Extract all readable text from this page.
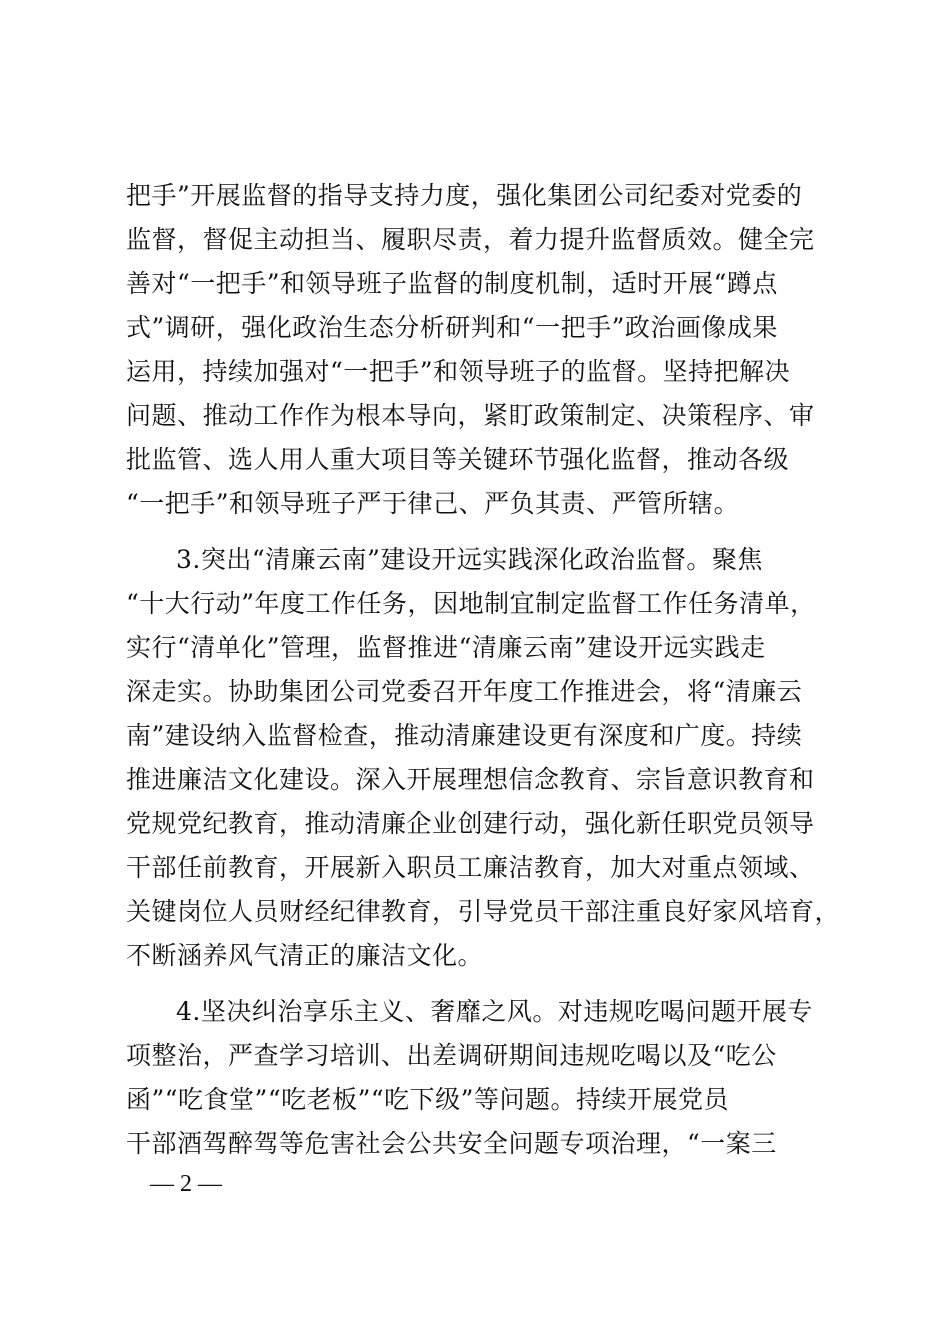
把手”开展监督的指导支持力度，强化集团公司纪委对党委的
监督，督促主动担当、履职尽责，着力提升监督质效。健全完
善对“一把手”和领导班子监督的制度机制，适时开展“蹲点
式”调研，强化政治生态分析研判和“一把手”政治画像成果
运用，持续加强对“一把手”和领导班子的监督。坚持把解决
问题、推动工作作为根本导向，紧盯政策制定、决策程序、审
批监管、选人用人重大项目等关键环节强化监督，推动各级
“一把手”和领导班子严于律己、严负其责、严管所辖。
3.突出“清廉云南”建设开远实践深化政治监督。聚焦
“十大行动”年度工作任务，因地制宜制定监督工作任务清单，
实行“清单化”管理，监督推进“清廉云南”建设开远实践走
深走实。协助集团公司党委召开年度工作推进会，将“清廉云
南”建设纳入监督检查，推动清廉建设更有深度和广度。持续
推进廉洁文化建设。深入开展理想信念教育、宗旨意识教育和
党规党纪教育，推动清廉企业创建行动，强化新任职党员领导
干部任前教育，开展新入职员工廉洁教育，加大对重点领域、
关键岗位人员财经纪律教育，引导党员干部注重良好家风培育，
不断涵养风气清正的廉洁文化。
4.坚决纠治享乐主义、奢靡之风。对违规吃喝问题开展专
项整治，严查学习培训、出差调研期间违规吃喝以及“吃公
函”“吃食堂”“吃老板”“吃下级”等问题。持续开展党员
干部酒驾醉驾等危害社会公共安全问题专项治理，“一案三
— 2 —
